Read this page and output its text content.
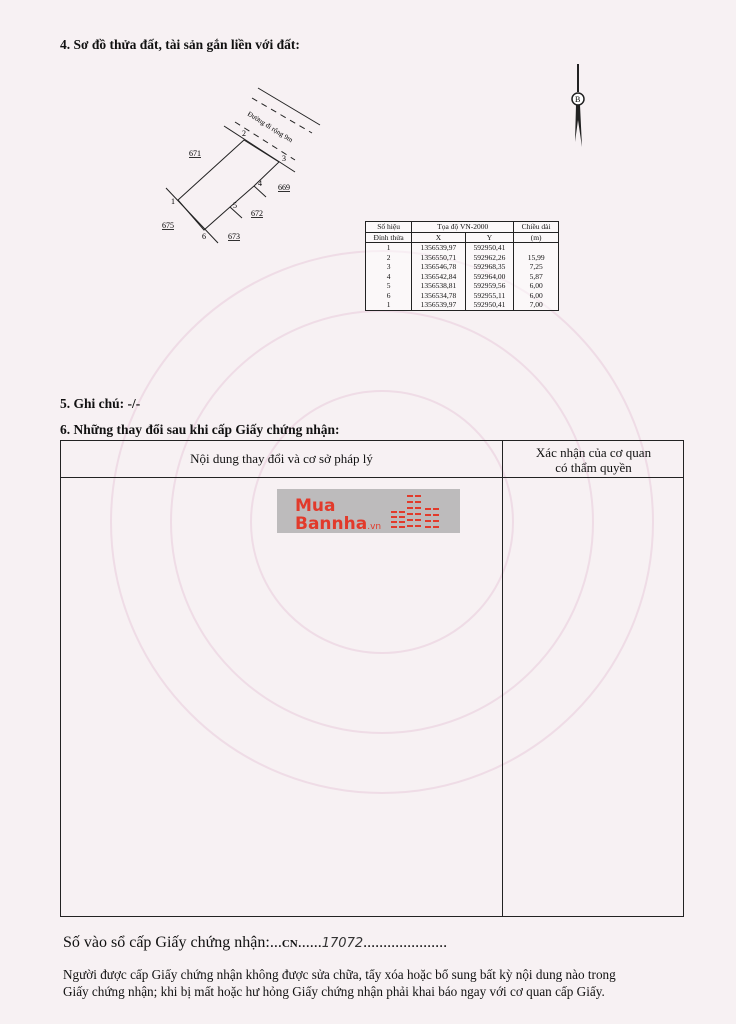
4. Sơ đồ thửa đất, tài sản gắn liền với đất:
Đường đi rộng 9m
1
2
3
4
5
6
671
669
672
675
673
B
Số hiệu	Tọa độ VN-2000		Chiều dài
Đỉnh thửa	X	Y	(m)
1	1356539,97	592950,41	
2	1356550,71	592962,26	15,99
3	1356546,78	592968,35	7,25
4	1356542,84	592964,00	5,87
5	1356538,81	592959,56	6,00
6	1356534,78	592955,11	6,00
1	1356539,97	592950,41	7,00
5. Ghi chú: -/-
6. Những thay đổi sau khi cấp Giấy chứng nhận:
Nội dung thay đổi và cơ sở pháp lý	Xác nhận của cơ quan
có thẩm quyền
Mua
Bannha.vn
Số vào sổ cấp Giấy chứng nhận:...CN......17072.....................
Người được cấp Giấy chứng nhận không được sửa chữa, tẩy xóa hoặc bổ sung bất kỳ nội dung nào trong
Giấy chứng nhận; khi bị mất hoặc hư hỏng Giấy chứng nhận phải khai báo ngay với cơ quan cấp Giấy.
